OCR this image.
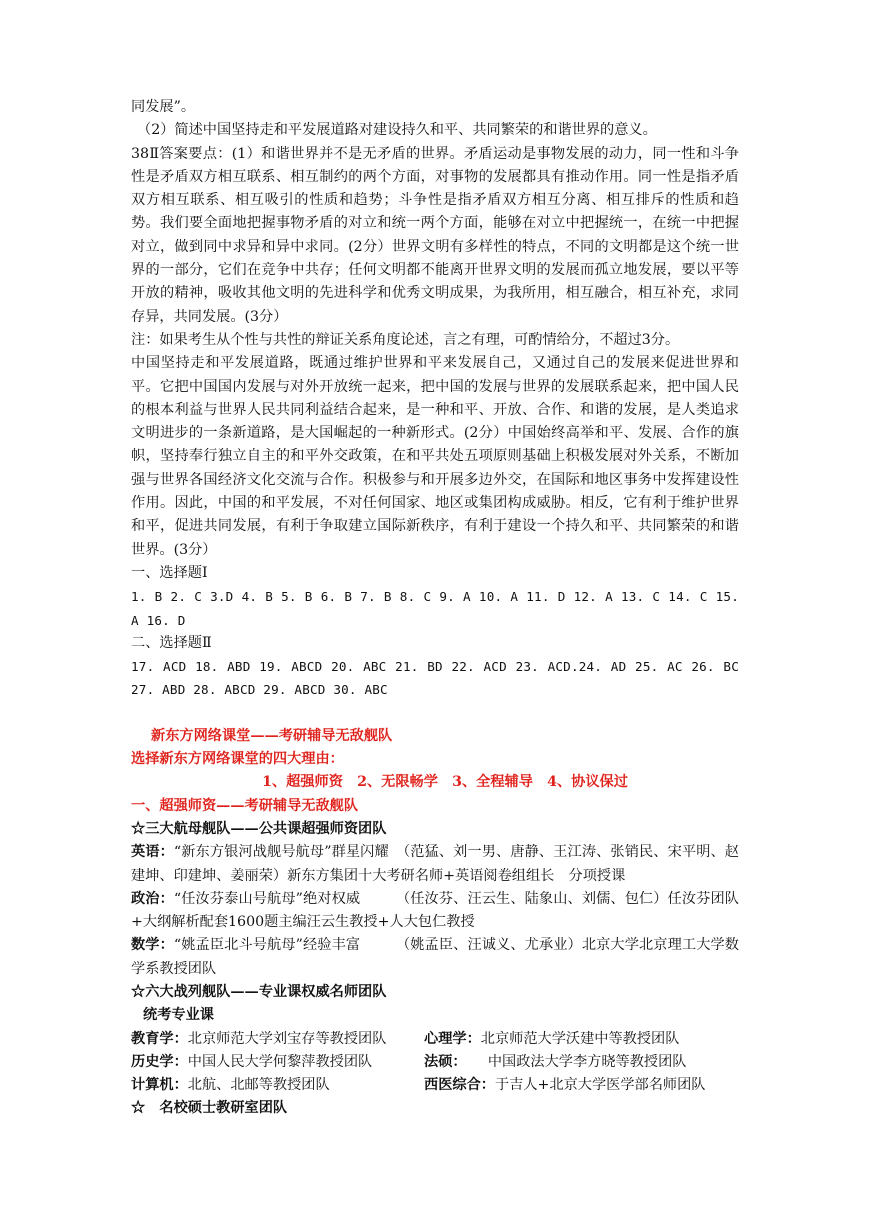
同发展”。

（2）简述中国坚持走和平发展道路对建设持久和平、共同繁荣的和谐世界的意义。

38Ⅱ答案要点：(1）和谐世界并不是无矛盾的世界。矛盾运动是事物发展的动力，同一性和斗争性是矛盾双方相互联系、相互制约的两个方面，对事物的发展都具有推动作用。同一性是指矛盾双方相互联系、相互吸引的性质和趋势；斗争性是指矛盾双方相互分离、相互排斥的性质和趋势。我们要全面地把握事物矛盾的对立和统一两个方面，能够在对立中把握统一，在统一中把握对立，做到同中求异和异中求同。(2分）世界文明有多样性的特点，不同的文明都是这个统一世界的一部分，它们在竞争中共存；任何文明都不能离开世界文明的发展而孤立地发展，要以平等开放的精神，吸收其他文明的先进科学和优秀文明成果，为我所用，相互融合，相互补充，求同存异，共同发展。(3分）

注：如果考生从个性与共性的辩证关系角度论述，言之有理，可酌情给分，不超过3分。

中国坚持走和平发展道路，既通过维护世界和平来发展自己，又通过自己的发展来促进世界和平。它把中国国内发展与对外开放统一起来，把中国的发展与世界的发展联系起来，把中国人民的根本利益与世界人民共同利益结合起来，是一种和平、开放、合作、和谐的发展，是人类追求文明进步的一条新道路，是大国崛起的一种新形式。(2分）中国始终高举和平、发展、合作的旗帜，坚持奉行独立自主的和平外交政策，在和平共处五项原则基础上积极发展对外关系，不断加强与世界各国经济文化交流与合作。积极参与和开展多边外交，在国际和地区事务中发挥建设性作用。因此，中国的和平发展，不对任何国家、地区或集团构成威胁。相反，它有利于维护世界和平，促进共同发展，有利于争取建立国际新秩序，有利于建设一个持久和平、共同繁荣的和谐世界。(3分）

一、选择题Ⅰ

1. B 2. C 3.D 4. B 5. B 6. B 7. B 8. C 9. A 10. A 11. D 12. A 13. C 14. C 15. A 16. D

二、选择题Ⅱ

17. ACD 18. ABD 19. ABCD 20. ABC 21. BD 22. ACD 23. ACD.24. AD 25. AC 26. BC 27. ABD 28. ABCD 29. ABCD 30. ABC

新东方网络课堂——考研辅导无敌舰队

选择新东方网络课堂的四大理由：

1、超强师资　2、无限畅学　3、全程辅导　4、协议保过

一、超强师资——考研辅导无敌舰队

☆三大航母舰队——公共课超强师资团队

英语：“新东方银河战舰号航母”群星闪耀　（范猛、刘一男、唐静、王江涛、张销民、宋平明、赵建坤、印建坤、姜丽荣）新东方集团十大考研名师+英语阅卷组组长　分项授课

政治：“任汝芬泰山号航母”绝对权威　　　（任汝芬、汪云生、陆象山、刘儒、包仁）任汝芬团队+大纲解析配套1600题主编汪云生教授+人大包仁教授

数学：“姚孟臣北斗号航母”经验丰富　　　（姚孟臣、汪诚义、尤承业）北京大学北京理工大学数学系教授团队

☆六大战列舰队——专业课权威名师团队

统考专业课

教育学：北京师范大学刘宝存等教授团队	心理学：北京师范大学沃建中等教授团队
历史学：中国人民大学何黎萍教授团队	法硕：　　中国政法大学李方晓等教授团队
计算机：北航、北邮等教授团队	西医综合：于吉人+北京大学医学部名师团队

☆　名校硕士教研室团队
